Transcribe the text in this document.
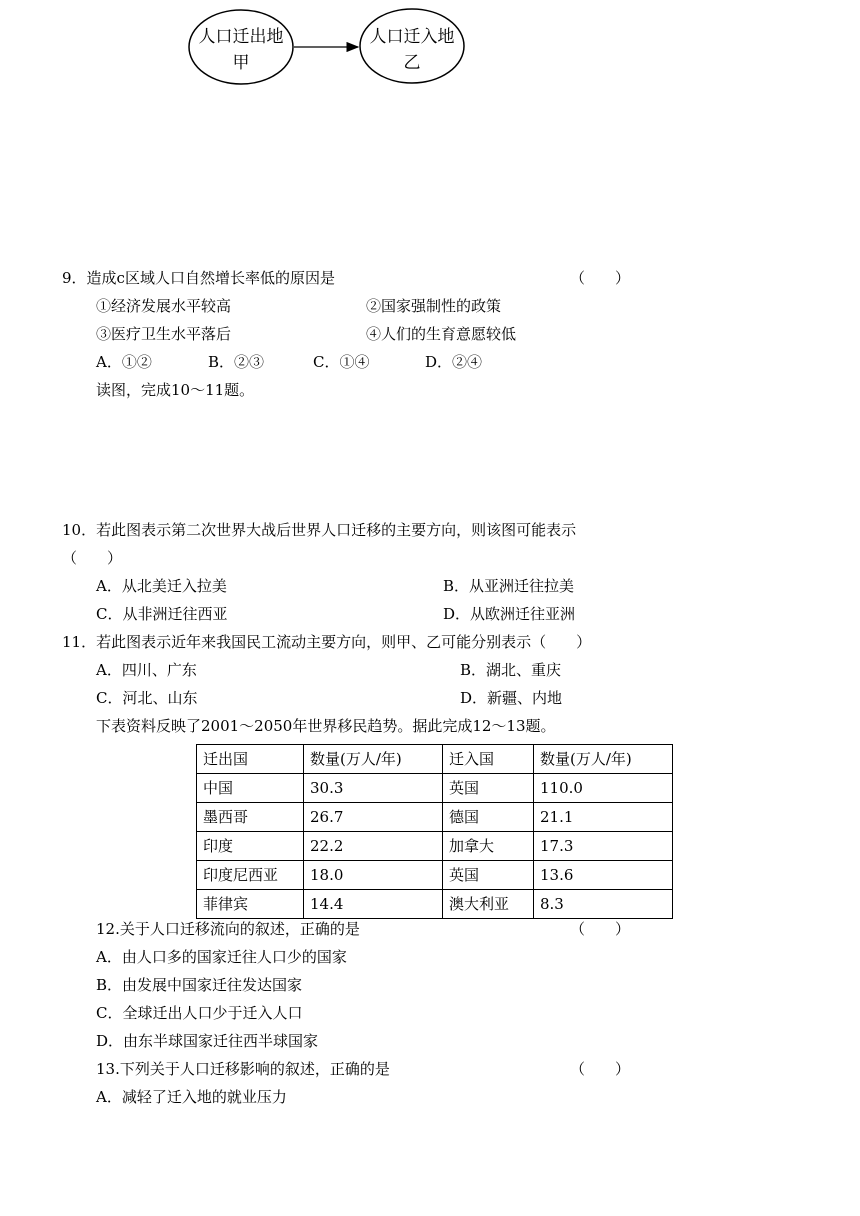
人口迁出地
甲
人口迁入地
乙
9．造成c区域人口自然增长率低的原因是	（　　）
①经济发展水平较高	②国家强制性的政策
③医疗卫生水平落后	④人们的生育意愿较低
A．①②	B．②③	C．①④	D．②④
读图，完成10～11题。
10．若此图表示第二次世界大战后世界人口迁移的主要方向，则该图可能表示
（　　）
A．从北美迁入拉美	B．从亚洲迁往拉美
C．从非洲迁往西亚	D．从欧洲迁往亚洲
11．若此图表示近年来我国民工流动主要方向，则甲、乙可能分别表示（　　）
A．四川、广东	B．湖北、重庆
C．河北、山东	D．新疆、内地
下表资料反映了2001～2050年世界移民趋势。据此完成12～13题。
迁出国	数量(万人/年)	迁入国	数量(万人/年)
中国	30.3	英国	110.0
墨西哥	26.7	德国	21.1
印度	22.2	加拿大	17.3
印度尼西亚	18.0	英国	13.6
菲律宾	14.4	澳大利亚	8.3
12.关于人口迁移流向的叙述，正确的是	（　　）
A．由人口多的国家迁往人口少的国家
B．由发展中国家迁往发达国家
C．全球迁出人口少于迁入人口
D．由东半球国家迁往西半球国家
13.下列关于人口迁移影响的叙述，正确的是	（　　）
A．减轻了迁入地的就业压力
